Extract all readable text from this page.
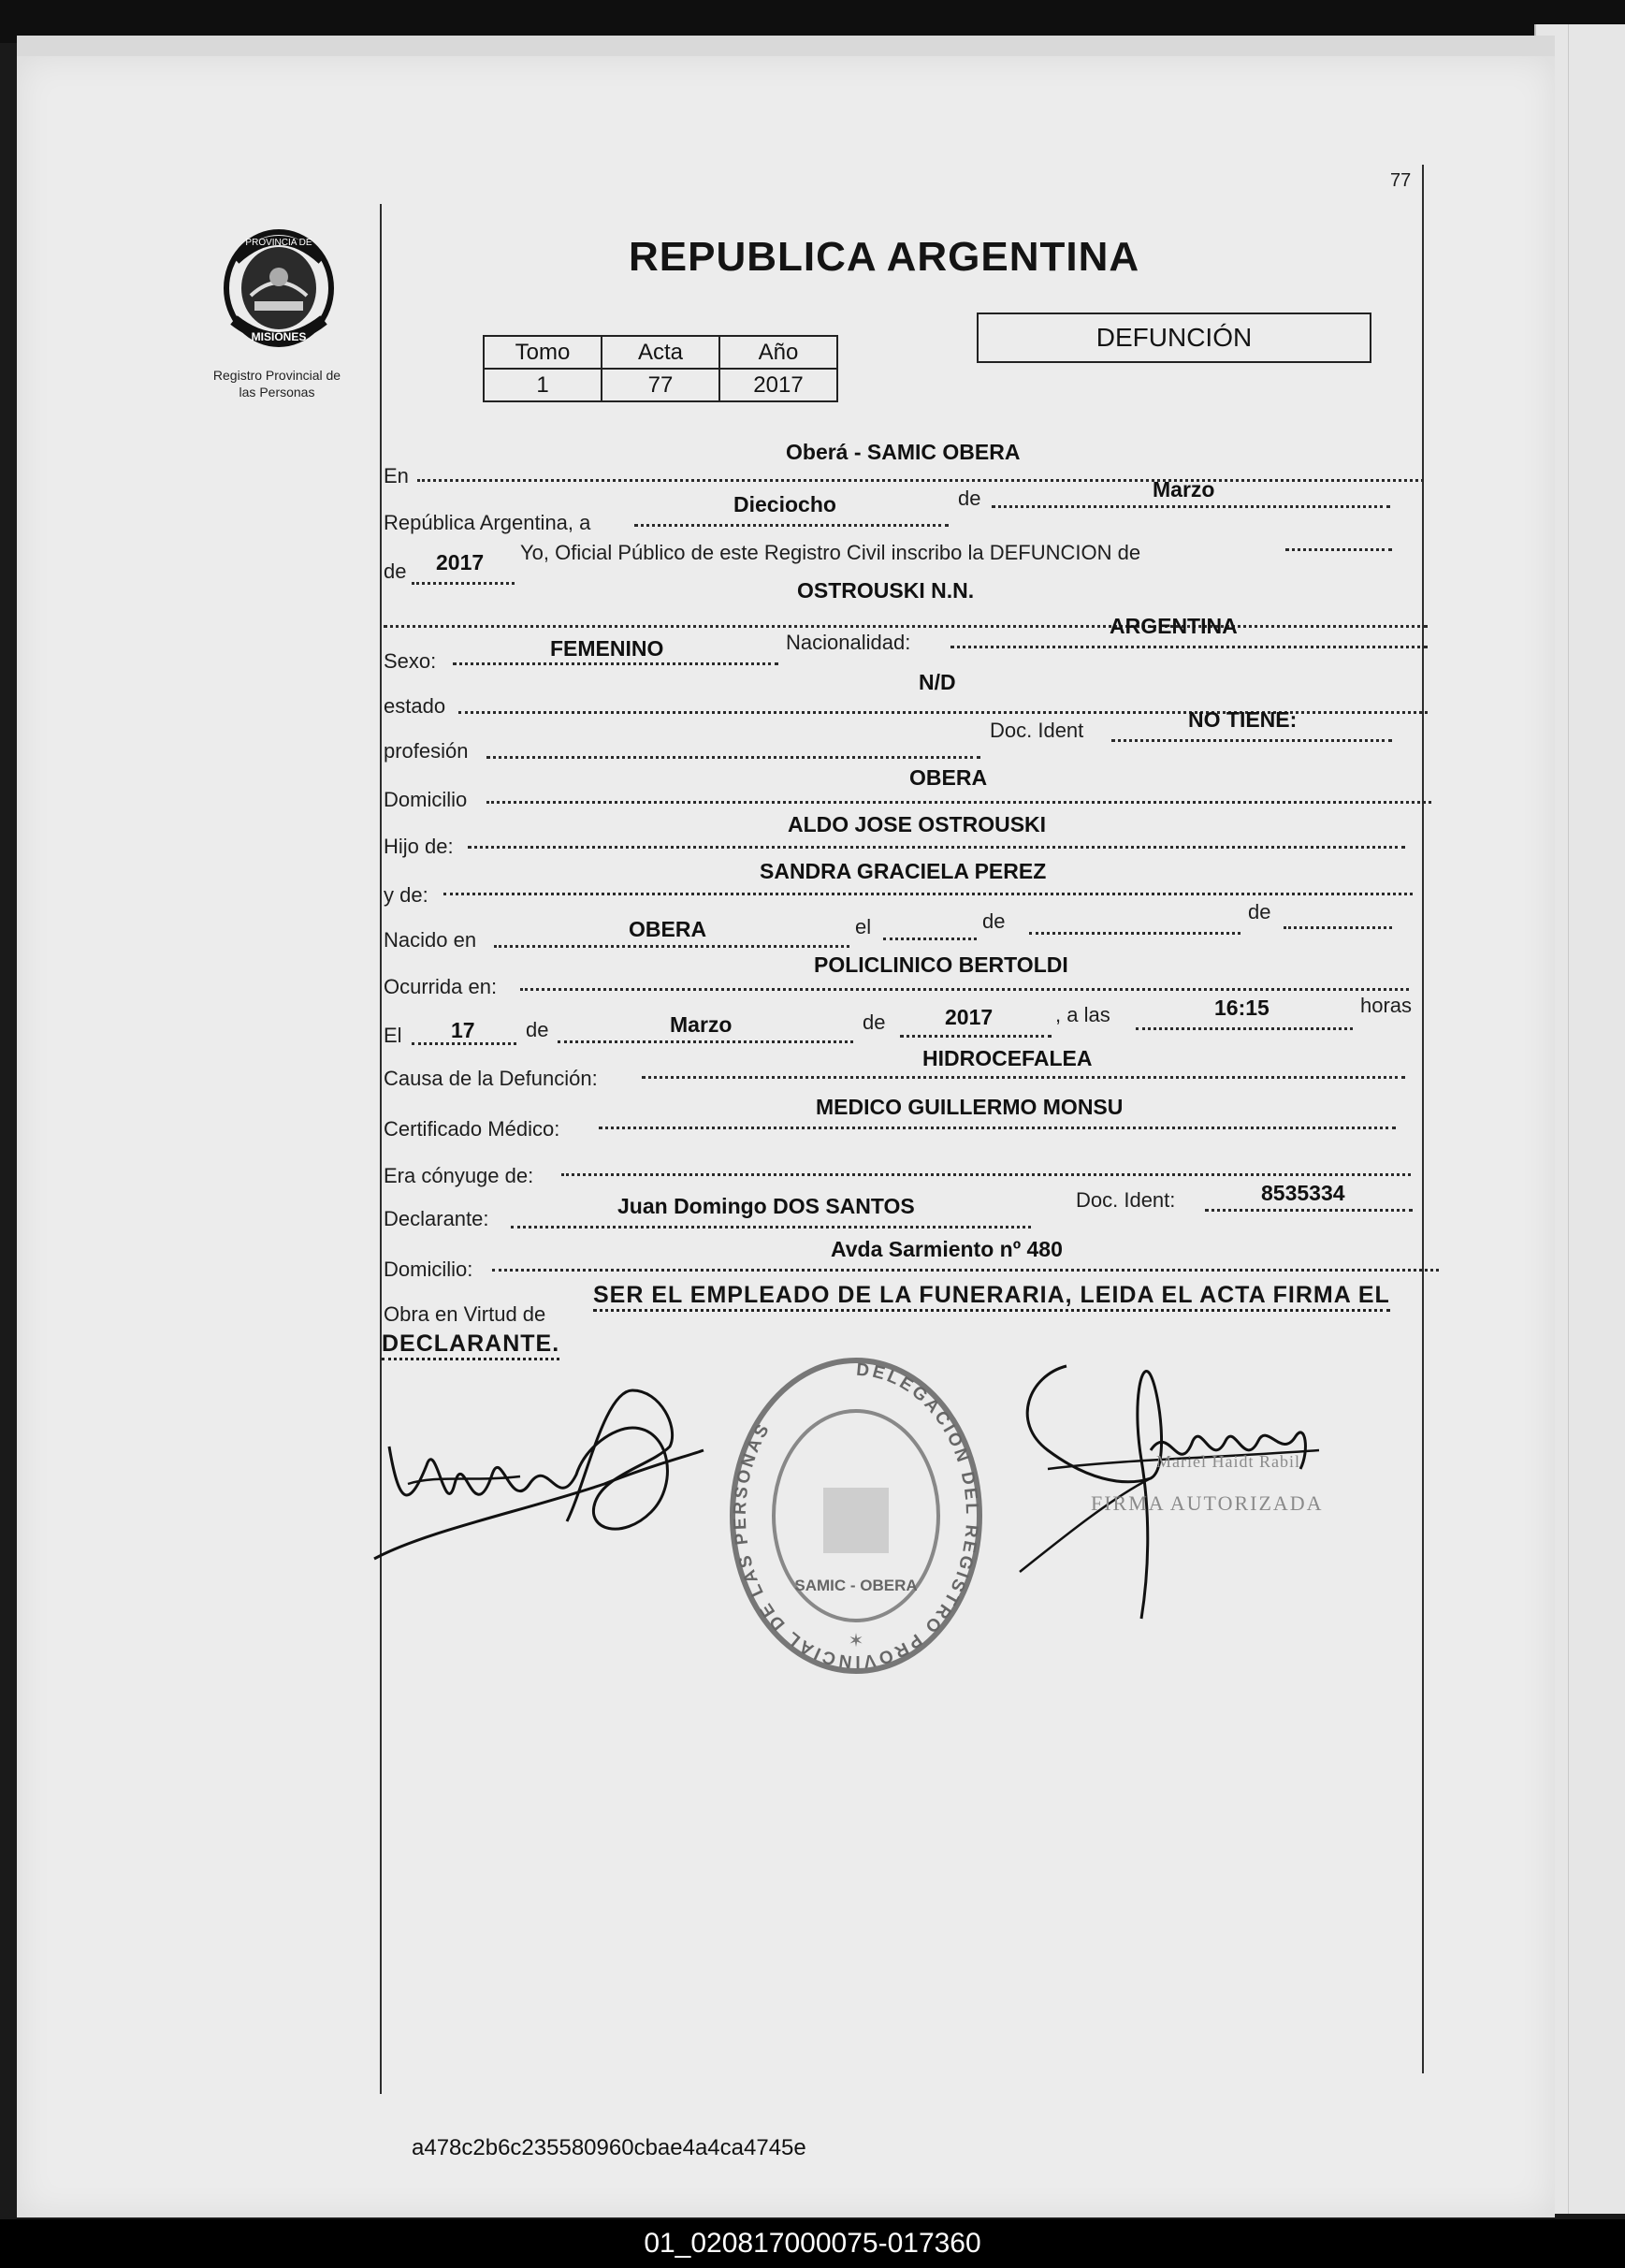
77
PROVINCIA DE
MISIONES
Registro Provincial de
las Personas
REPUBLICA ARGENTINA
Tomo	Acta	Año
1	77	2017
DEFUNCIÓN
En
Oberá - SAMIC OBERA
República Argentina, a
Dieciocho	de	Marzo
de 2017 Yo, Oficial Público de este Registro Civil inscribo la DEFUNCION de
OSTROUSKI N.N.
Sexo:
FEMENINO	Nacionalidad:
ARGENTINA
estado
N/D
profesión
Doc. Ident	NO TIENE:
Domicilio
OBERA
Hijo de:
ALDO JOSE OSTROUSKI
y de:
SANDRA GRACIELA PEREZ
Nacido en	OBERA	el	de	de
Ocurrida en:
POLICLINICO BERTOLDI
El 17 de	Marzo	de	2017	, a las	16:15	horas
Causa de la Defunción:
HIDROCEFALEA
Certificado Médico:
MEDICO GUILLERMO MONSU
Era cónyuge de:
Declarante:
Juan Domingo DOS SANTOS	Doc. Ident:	8535334
Domicilio:
Avda Sarmiento nº 480
Obra en Virtud de
SER EL EMPLEADO DE LA FUNERARIA, LEIDA EL ACTA FIRMA EL
DECLARANTE.
DELEGACION DEL REGISTRO PROVINCIAL DE LAS PERSONAS
SAMIC - OBERA
✶
Mariel Haidt Rabil
FIRMA AUTORIZADA
a478c2b6c235580960cbae4a4ca4745e
01_020817000075-017360
